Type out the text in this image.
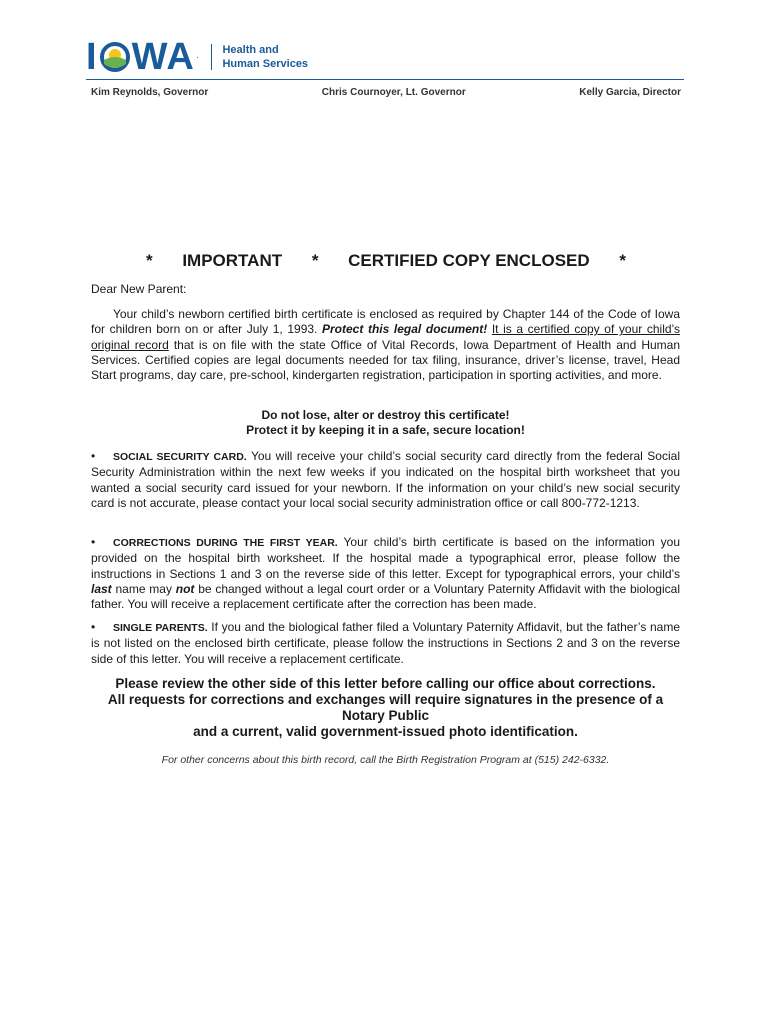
I WA .
Health and
Human Services
Kim Reynolds, Governor	Chris Cournoyer, Lt. Governor	Kelly Garcia, Director
* IMPORTANT * CERTIFIED COPY ENCLOSED *
Dear New Parent:
Your child’s newborn certified birth certificate is enclosed as required by Chapter 144 of the Code of Iowa for children born on or after July 1, 1993. Protect this legal document! It is a certified copy of your child’s original record that is on file with the state Office of Vital Records, Iowa Department of Health and Human Services. Certified copies are legal documents needed for tax filing, insurance, driver’s license, travel, Head Start programs, day care, pre-school, kindergarten registration, participation in sporting activities, and more.
Do not lose, alter or destroy this certificate!
Protect it by keeping it in a safe, secure location!
• SOCIAL SECURITY CARD. You will receive your child’s social security card directly from the federal Social Security Administration within the next few weeks if you indicated on the hospital birth worksheet that you wanted a social security card issued for your newborn. If the information on your child’s new social security card is not accurate, please contact your local social security administration office or call 800-772-1213.
• CORRECTIONS DURING THE FIRST YEAR. Your child’s birth certificate is based on the information you provided on the hospital birth worksheet. If the hospital made a typographical error, please follow the instructions in Sections 1 and 3 on the reverse side of this letter. Except for typographical errors, your child’s last name may not be changed without a legal court order or a Voluntary Paternity Affidavit with the biological father. You will receive a replacement certificate after the correction has been made.
• SINGLE PARENTS. If you and the biological father filed a Voluntary Paternity Affidavit, but the father’s name is not listed on the enclosed birth certificate, please follow the instructions in Sections 2 and 3 on the reverse side of this letter. You will receive a replacement certificate.
Please review the other side of this letter before calling our office about corrections.
All requests for corrections and exchanges will require signatures in the presence of a Notary Public
and a current, valid government-issued photo identification.
For other concerns about this birth record, call the Birth Registration Program at (515) 242-6332.
